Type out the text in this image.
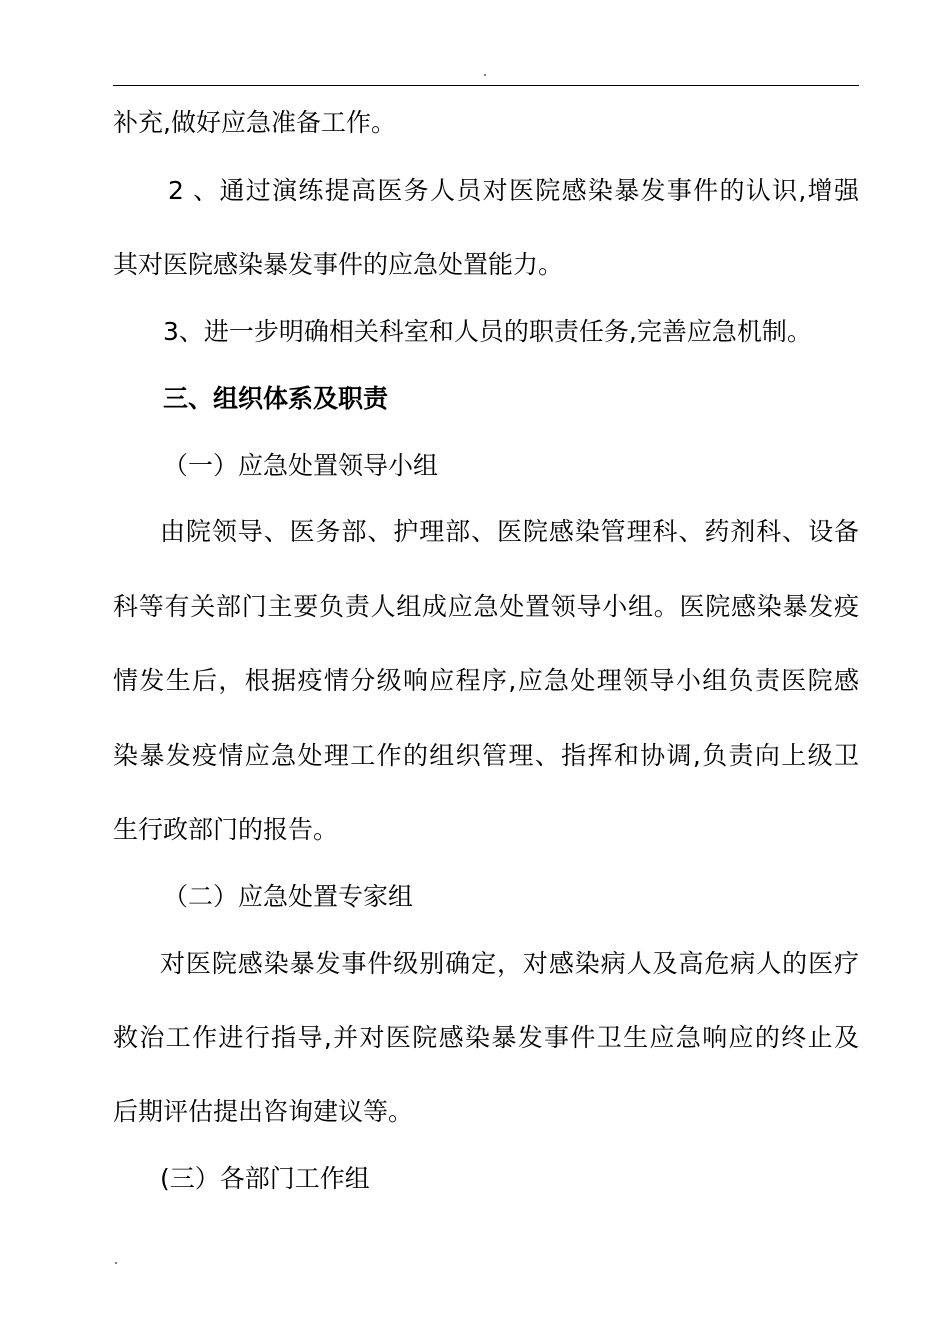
补充,做好应急准备工作。

2 、通过演练提高医务人员对医院感染暴发事件的认识,增强

其对医院感染暴发事件的应急处置能力。

3、进一步明确相关科室和人员的职责任务,完善应急机制。

三、组织体系及职责

（一）应急处置领导小组

由院领导、医务部、护理部、医院感染管理科、药剂科、设备

科等有关部门主要负责人组成应急处置领导小组。医院感染暴发疫

情发生后，根据疫情分级响应程序,应急处理领导小组负责医院感

染暴发疫情应急处理工作的组织管理、指挥和协调,负责向上级卫

生行政部门的报告。

（二）应急处置专家组

对医院感染暴发事件级别确定，对感染病人及高危病人的医疗

救治工作进行指导,并对医院感染暴发事件卫生应急响应的终止及

后期评估提出咨询建议等。

(三）各部门工作组
